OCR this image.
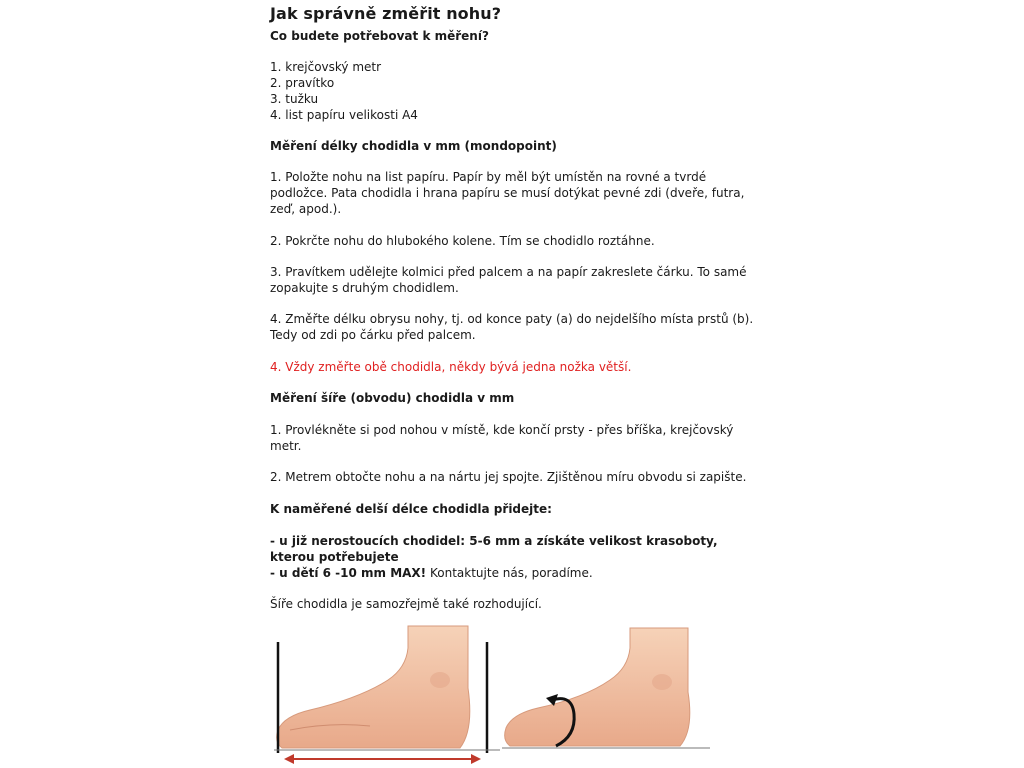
Jak správně změřit nohu?
Co budete potřebovat k měření?
1. krejčovský metr
2. pravítko
3. tužku
4. list papíru velikosti A4
Měření délky chodidla v mm (mondopoint)
1. Položte nohu na list papíru. Papír by měl být umístěn na rovné a tvrdé podložce. Pata chodidla i hrana papíru se musí dotýkat pevné zdi (dveře, futra, zeď, apod.).
2. Pokrčte nohu do hlubokého kolene. Tím se chodidlo roztáhne.
3. Pravítkem udělejte kolmici před palcem a na papír zakreslete čárku. To samé zopakujte s druhým chodidlem.
4. Změřte délku obrysu nohy, tj. od konce paty (a) do nejdelšího místa prstů (b). Tedy od zdi po čárku před palcem.
4. Vždy změřte obě chodidla, někdy bývá jedna nožka větší.
Měření šíře (obvodu) chodidla v mm
1. Provlékněte si pod nohou v místě, kde končí prsty - přes bříška, krejčovský metr.
2. Metrem obtočte nohu a na nártu jej spojte. Zjištěnou míru obvodu si zapište.
K naměřené delší délce chodidla přidejte:
- u již nerostoucích chodidel: 5-6 mm a získáte velikost krasoboty, kterou potřebujete
- u dětí 6 -10 mm MAX! Kontaktujte nás, poradíme.
Šíře chodidla je samozřejmě také rozhodující.
